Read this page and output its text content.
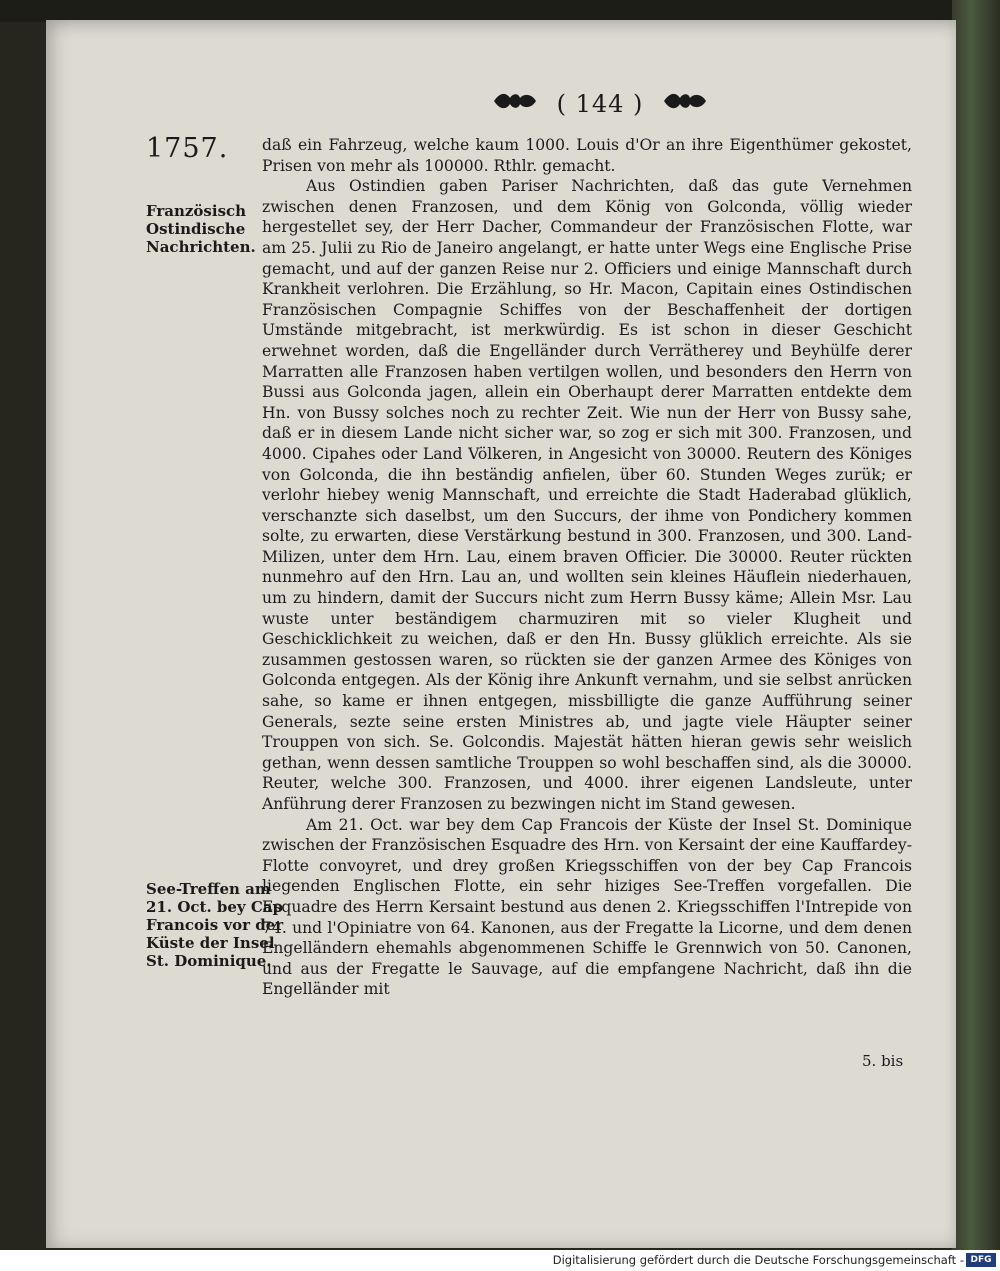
( 144 )
1757.
Französisch Ostindische Nachrichten.
See-Treffen am 21. Oct. bey Cap Francois vor der Küste der Insel St. Dominique.

daß ein Fahrzeug, welche kaum 1000. Louis d'Or an ihre Eigenthümer gekostet, Prisen von mehr als 100000. Rthlr. gemacht.

Aus Ostindien gaben Pariser Nachrichten, daß das gute Vernehmen zwischen denen Franzosen, und dem König von Golconda, völlig wieder hergestellet sey, der Herr Dacher, Commandeur der Französischen Flotte, war am 25. Julii zu Rio de Janeiro angelangt, er hatte unter Wegs eine Englische Prise gemacht, und auf der ganzen Reise nur 2. Officiers und einige Mannschaft durch Krankheit verlohren. Die Erzählung, so Hr. Macon, Capitain eines Ostindischen Französischen Compagnie Schiffes von der Beschaffenheit der dortigen Umstände mitgebracht, ist merkwürdig. Es ist schon in dieser Geschicht erwehnet worden, daß die Engelländer durch Verrätherey und Beyhülfe derer Marratten alle Franzosen haben vertilgen wollen, und besonders den Herrn von Bussi aus Golconda jagen, allein ein Oberhaupt derer Marratten entdekte dem Hn. von Bussy solches noch zu rechter Zeit. Wie nun der Herr von Bussy sahe, daß er in diesem Lande nicht sicher war, so zog er sich mit 300. Franzosen, und 4000. Cipahes oder Land Völkeren, in Angesicht von 30000. Reutern des Königes von Golconda, die ihn beständig anfielen, über 60. Stunden Weges zurük; er verlohr hiebey wenig Mannschaft, und erreichte die Stadt Haderabad glüklich, verschanzte sich daselbst, um den Succurs, der ihme von Pondichery kommen solte, zu erwarten, diese Verstärkung bestund in 300. Franzosen, und 300. Land-Milizen, unter dem Hrn. Lau, einem braven Officier. Die 30000. Reuter rückten nunmehro auf den Hrn. Lau an, und wollten sein kleines Häuflein niederhauen, um zu hindern, damit der Succurs nicht zum Herrn Bussy käme; Allein Msr. Lau wuste unter beständigem charmuziren mit so vieler Klugheit und Geschicklichkeit zu weichen, daß er den Hn. Bussy glüklich erreichte. Als sie zusammen gestossen waren, so rückten sie der ganzen Armee des Königes von Golconda entgegen. Als der König ihre Ankunft vernahm, und sie selbst anrücken sahe, so kame er ihnen entgegen, missbilligte die ganze Aufführung seiner Generals, sezte seine ersten Ministres ab, und jagte viele Häupter seiner Trouppen von sich. Se. Golcondis. Majestät hätten hieran gewis sehr weislich gethan, wenn dessen samtliche Trouppen so wohl beschaffen sind, als die 30000. Reuter, welche 300. Franzosen, und 4000. ihrer eigenen Landsleute, unter Anführung derer Franzosen zu bezwingen nicht im Stand gewesen.

Am 21. Oct. war bey dem Cap Francois der Küste der Insel St. Dominique zwischen der Französischen Esquadre des Hrn. von Kersaint der eine Kauffardey-Flotte convoyret, und drey großen Kriegsschiffen von der bey Cap Francois liegenden Englischen Flotte, ein sehr hiziges See-Treffen vorgefallen. Die Esquadre des Herrn Kersaint bestund aus denen 2. Kriegsschiffen l'Intrepide von 74. und l'Opiniatre von 64. Kanonen, aus der Fregatte la Licorne, und dem denen Engelländern ehemahls abgenommenen Schiffe le Grennwich von 50. Canonen, und aus der Fregatte le Sauvage, auf die empfangene Nachricht, daß ihn die Engelländer mit

5. bis
Digitalisierung gefördert durch die Deutsche Forschungsgemeinschaft - DFG
